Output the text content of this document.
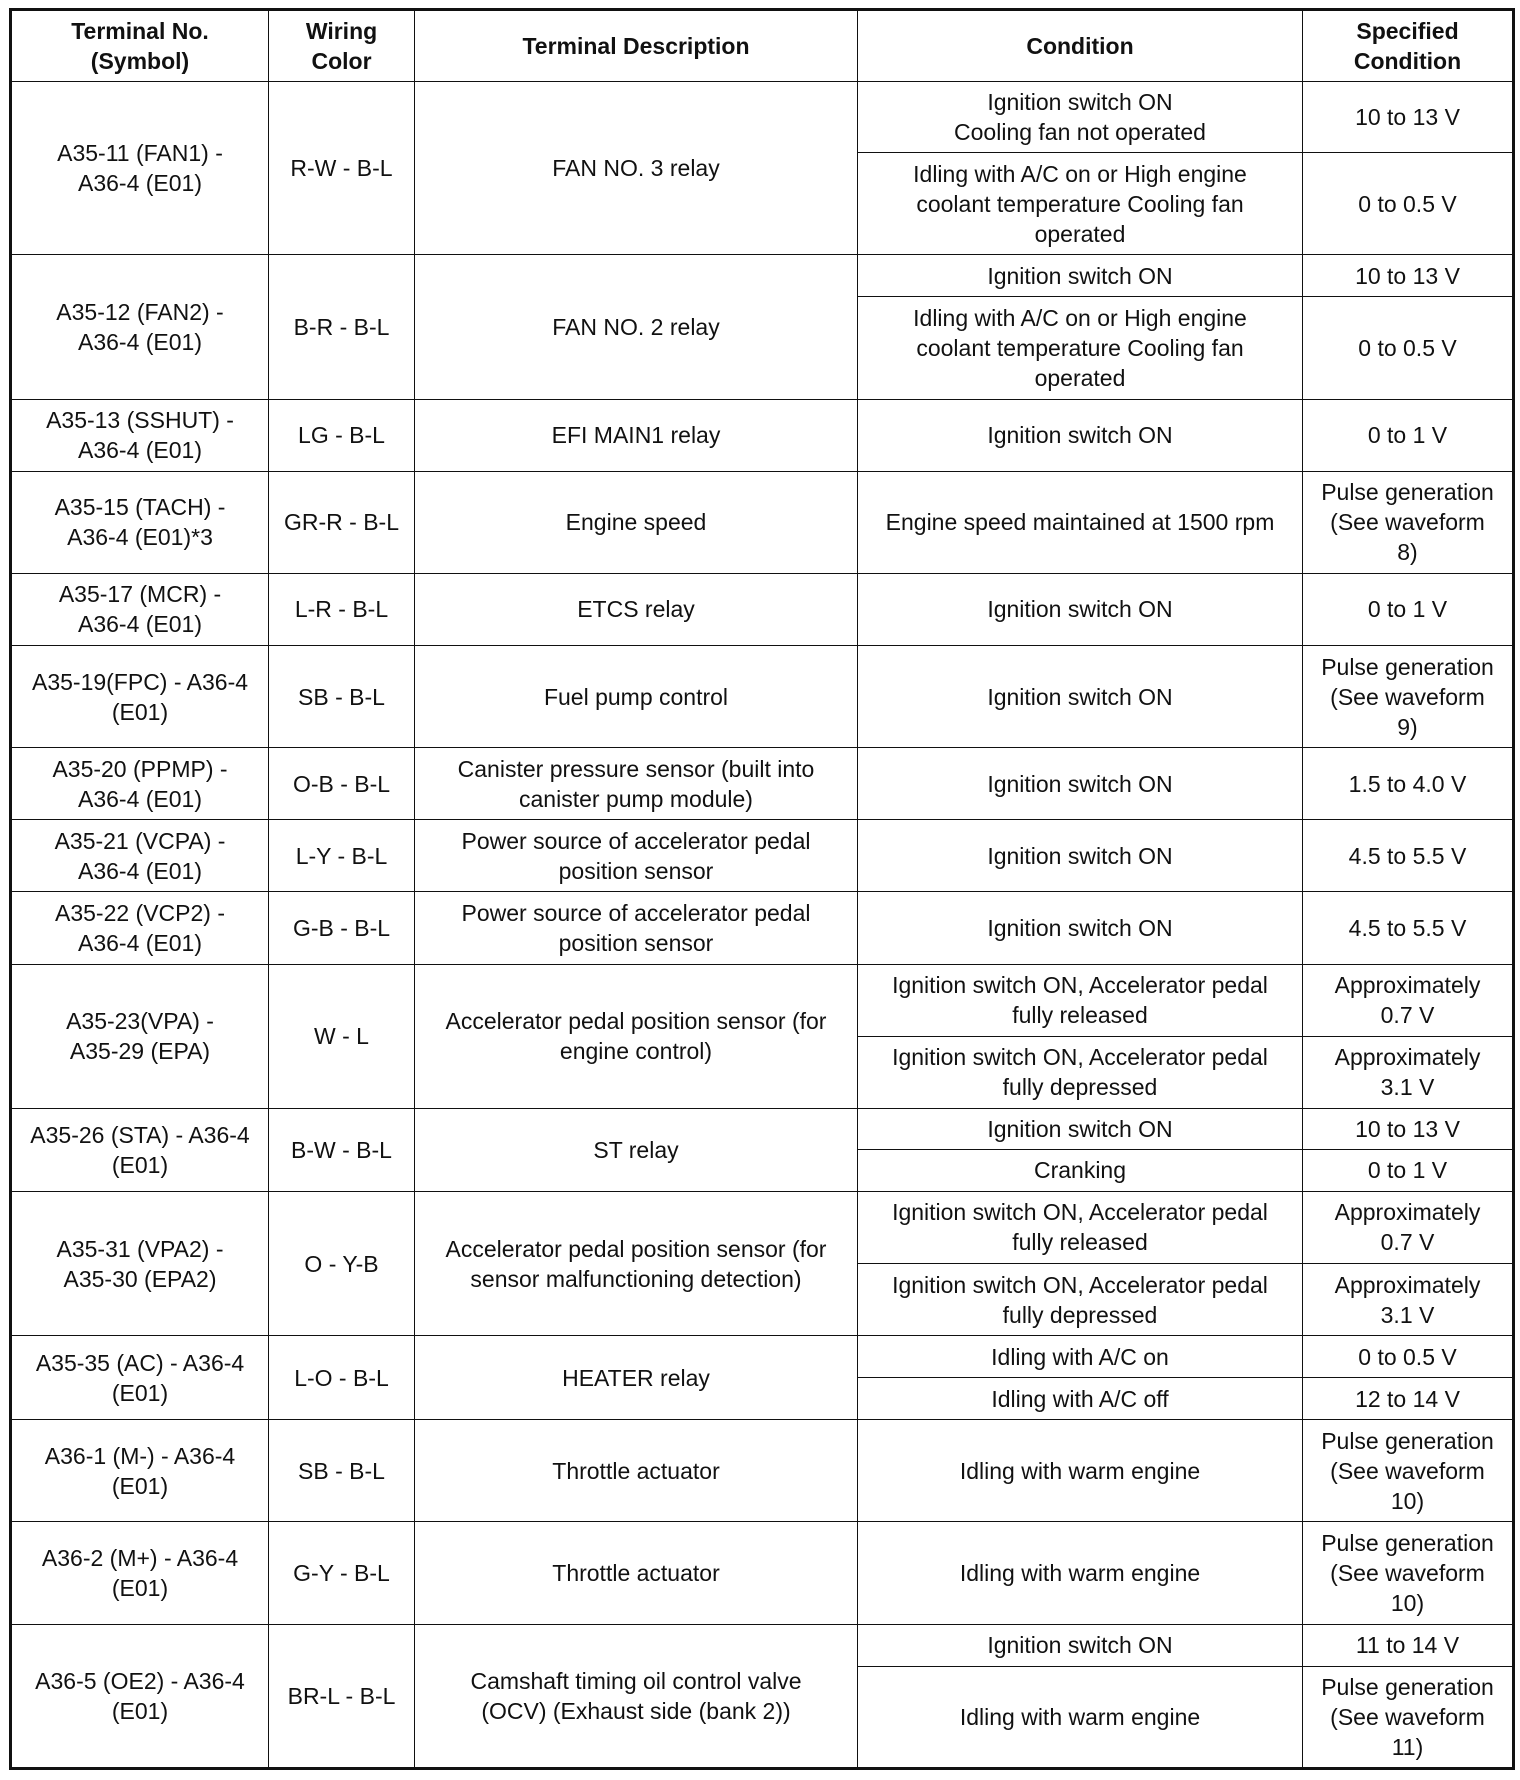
Terminal No.
(Symbol)	Wiring
Color	Terminal Description	Condition	Specified
Condition
A35-11 (FAN1) -
A36-4 (E01)	R-W - B-L	FAN NO. 3 relay	Ignition switch ON
Cooling fan not operated	10 to 13 V
			Idling with A/C on or High engine
coolant temperature Cooling fan
operated	0 to 0.5 V
A35-12 (FAN2) -
A36-4 (E01)	B-R - B-L	FAN NO. 2 relay	Ignition switch ON	10 to 13 V
			Idling with A/C on or High engine
coolant temperature Cooling fan
operated	0 to 0.5 V
A35-13 (SSHUT) -
A36-4 (E01)	LG - B-L	EFI MAIN1 relay	Ignition switch ON	0 to 1 V
A35-15 (TACH) -
A36-4 (E01)*3	GR-R - B-L	Engine speed	Engine speed maintained at 1500 rpm	Pulse generation
(See waveform
8)
A35-17 (MCR) -
A36-4 (E01)	L-R - B-L	ETCS relay	Ignition switch ON	0 to 1 V
A35-19(FPC) - A36-4
(E01)	SB - B-L	Fuel pump control	Ignition switch ON	Pulse generation
(See waveform
9)
A35-20 (PPMP) -
A36-4 (E01)	O-B - B-L	Canister pressure sensor (built into
canister pump module)	Ignition switch ON	1.5 to 4.0 V
A35-21 (VCPA) -
A36-4 (E01)	L-Y - B-L	Power source of accelerator pedal
position sensor	Ignition switch ON	4.5 to 5.5 V
A35-22 (VCP2) -
A36-4 (E01)	G-B - B-L	Power source of accelerator pedal
position sensor	Ignition switch ON	4.5 to 5.5 V
A35-23(VPA) -
A35-29 (EPA)	W - L	Accelerator pedal position sensor (for
engine control)	Ignition switch ON, Accelerator pedal
fully released	Approximately
0.7 V
			Ignition switch ON, Accelerator pedal
fully depressed	Approximately
3.1 V
A35-26 (STA) - A36-4
(E01)	B-W - B-L	ST relay	Ignition switch ON	10 to 13 V
			Cranking	0 to 1 V
A35-31 (VPA2) -
A35-30 (EPA2)	O - Y-B	Accelerator pedal position sensor (for
sensor malfunctioning detection)	Ignition switch ON, Accelerator pedal
fully released	Approximately
0.7 V
			Ignition switch ON, Accelerator pedal
fully depressed	Approximately
3.1 V
A35-35 (AC) - A36-4
(E01)	L-O - B-L	HEATER relay	Idling with A/C on	0 to 0.5 V
			Idling with A/C off	12 to 14 V
A36-1 (M-) - A36-4
(E01)	SB - B-L	Throttle actuator	Idling with warm engine	Pulse generation
(See waveform
10)
A36-2 (M+) - A36-4
(E01)	G-Y - B-L	Throttle actuator	Idling with warm engine	Pulse generation
(See waveform
10)
A36-5 (OE2) - A36-4
(E01)	BR-L - B-L	Camshaft timing oil control valve
(OCV) (Exhaust side (bank 2))	Ignition switch ON	11 to 14 V
			Idling with warm engine	Pulse generation
(See waveform
11)
